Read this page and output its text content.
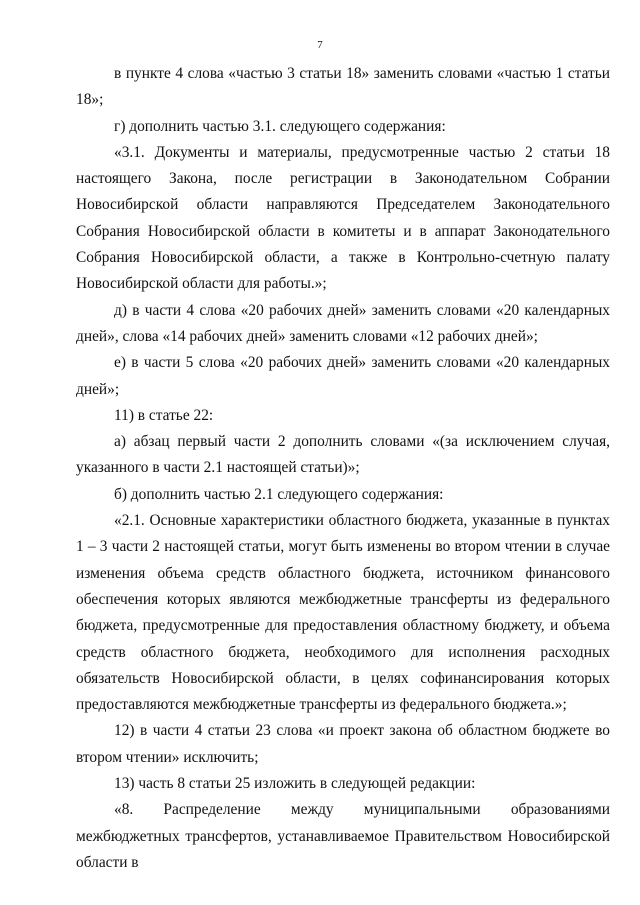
7

в пункте 4 слова «частью 3 статьи 18» заменить словами «частью 1 статьи 18»;

г) дополнить частью 3.1. следующего содержания:

«3.1. Документы и материалы, предусмотренные частью 2 статьи 18 настоящего Закона, после регистрации в Законодательном Собрании Новосибирской области направляются Председателем Законодательного Собрания Новосибирской области в комитеты и в аппарат Законодательного Собрания Новосибирской области, а также в Контрольно-счетную палату Новосибирской области для работы.»;

д) в части 4 слова «20 рабочих дней» заменить словами «20 календарных дней», слова «14 рабочих дней» заменить словами «12 рабочих дней»;

е) в части 5 слова «20 рабочих дней» заменить словами «20 календарных дней»;

11) в статье 22:

а) абзац первый части 2 дополнить словами «(за исключением случая, указанного в части 2.1 настоящей статьи)»;

б) дополнить частью 2.1 следующего содержания:

«2.1. Основные характеристики областного бюджета, указанные в пунктах 1 – 3 части 2 настоящей статьи, могут быть изменены во втором чтении в случае изменения объема средств областного бюджета, источником финансового обеспечения которых являются межбюджетные трансферты из федерального бюджета, предусмотренные для предоставления областному бюджету, и объема средств областного бюджета, необходимого для исполнения расходных обязательств Новосибирской области, в целях софинансирования которых предоставляются межбюджетные трансферты из федерального бюджета.»;

12) в части 4 статьи 23 слова «и проект закона об областном бюджете во втором чтении» исключить;

13) часть 8 статьи 25 изложить в следующей редакции:

«8. Распределение между муниципальными образованиями межбюджетных трансфертов, устанавливаемое Правительством Новосибирской области в
